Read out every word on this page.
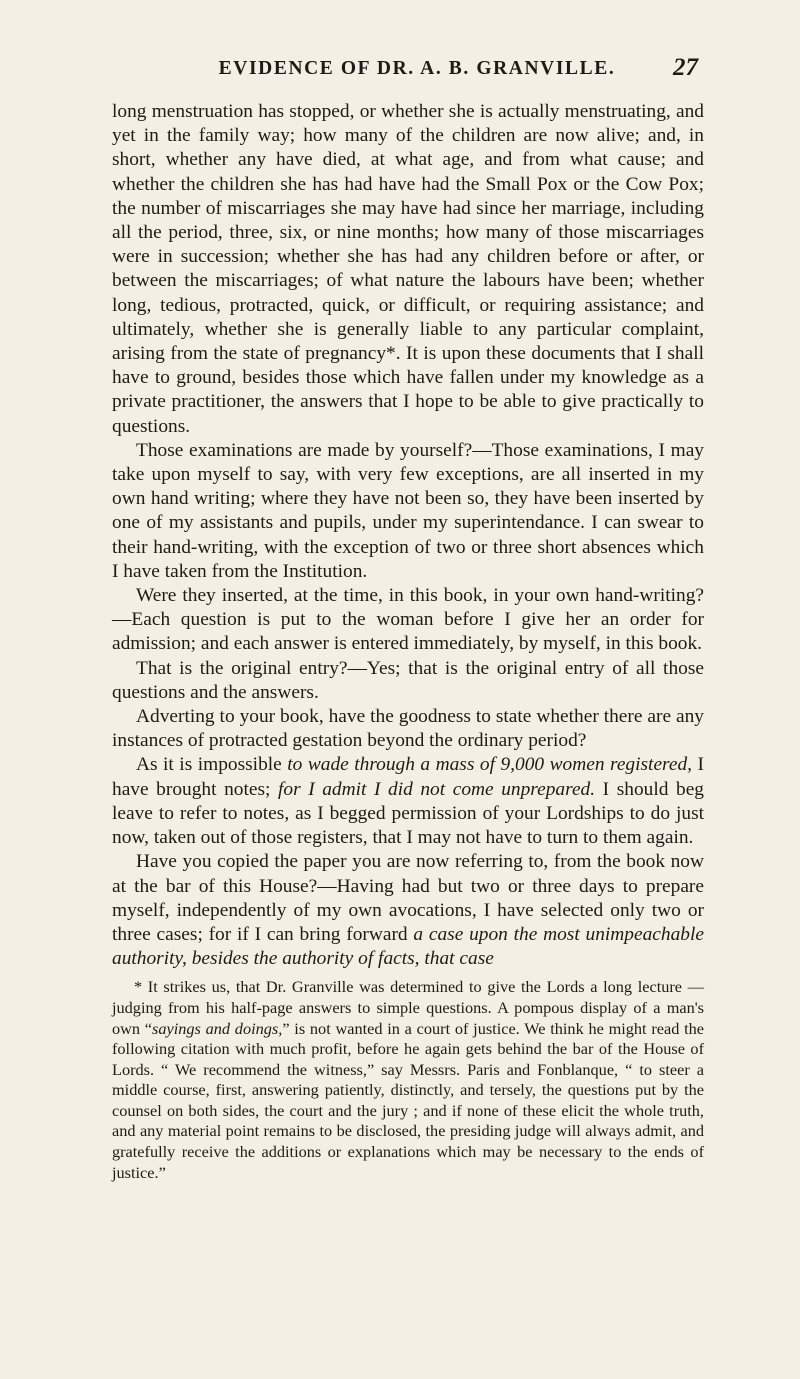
EVIDENCE OF DR. A. B. GRANVILLE. 27

long menstruation has stopped, or whether she is actually menstruating, and yet in the family way; how many of the children are now alive; and, in short, whether any have died, at what age, and from what cause; and whether the children she has had have had the Small Pox or the Cow Pox; the number of miscarriages she may have had since her marriage, including all the period, three, six, or nine months; how many of those miscarriages were in succession; whether she has had any children before or after, or between the miscarriages; of what nature the labours have been; whether long, tedious, protracted, quick, or difficult, or requiring assistance; and ultimately, whether she is generally liable to any particular complaint, arising from the state of pregnancy*. It is upon these documents that I shall have to ground, besides those which have fallen under my knowledge as a private practitioner, the answers that I hope to be able to give practically to questions.

Those examinations are made by yourself?—Those examinations, I may take upon myself to say, with very few exceptions, are all inserted in my own hand writing; where they have not been so, they have been inserted by one of my assistants and pupils, under my superintendance. I can swear to their hand-writing, with the exception of two or three short absences which I have taken from the Institution.

Were they inserted, at the time, in this book, in your own hand-writing?—Each question is put to the woman before I give her an order for admission; and each answer is entered immediately, by myself, in this book.

That is the original entry?—Yes; that is the original entry of all those questions and the answers.

Adverting to your book, have the goodness to state whether there are any instances of protracted gestation beyond the ordinary period?

As it is impossible to wade through a mass of 9,000 women registered, I have brought notes; for I admit I did not come unprepared. I should beg leave to refer to notes, as I begged permission of your Lordships to do just now, taken out of those registers, that I may not have to turn to them again.

Have you copied the paper you are now referring to, from the book now at the bar of this House?—Having had but two or three days to prepare myself, independently of my own avocations, I have selected only two or three cases; for if I can bring forward a case upon the most unimpeachable authority, besides the authority of facts, that case

* It strikes us, that Dr. Granville was determined to give the Lords a long lecture —judging from his half-page answers to simple questions. A pompous display of a man's own “sayings and doings,” is not wanted in a court of justice. We think he might read the following citation with much profit, before he again gets behind the bar of the House of Lords. “ We recommend the witness,” say Messrs. Paris and Fonblanque, “ to steer a middle course, first, answering patiently, distinctly, and tersely, the questions put by the counsel on both sides, the court and the jury ; and if none of these elicit the whole truth, and any material point remains to be disclosed, the presiding judge will always admit, and gratefully receive the additions or explanations which may be necessary to the ends of justice.”
